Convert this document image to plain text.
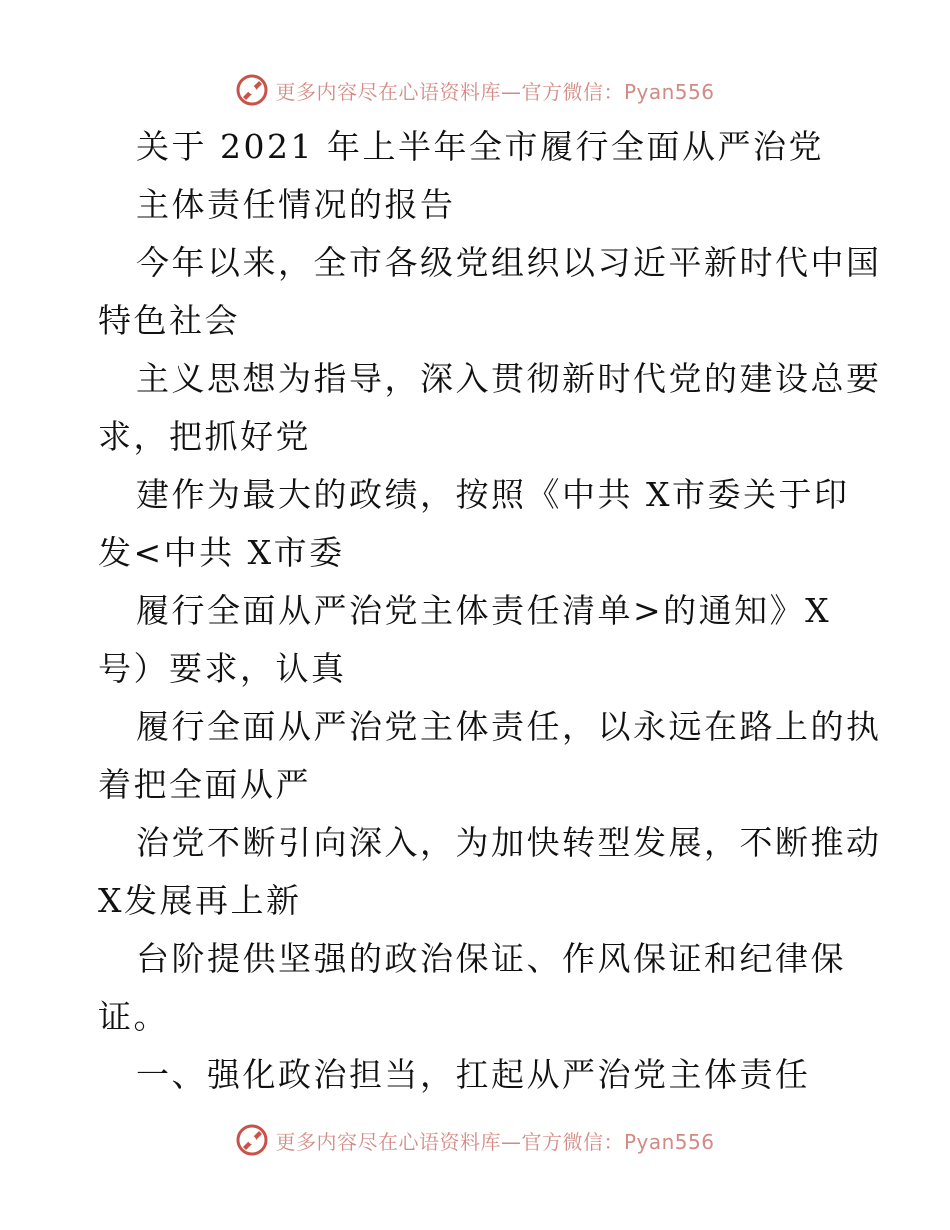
更多内容尽在心语资料库—官方微信：Pyan556
关于 2021 年上半年全市履行全面从严治党
主体责任情况的报告
今年以来，全市各级党组织以习近平新时代中国
特色社会
主义思想为指导，深入贯彻新时代党的建设总要
求，把抓好党
建作为最大的政绩，按照《中共 X市委关于印
发<中共 X市委
履行全面从严治党主体责任清单>的通知》X
号）要求，认真
履行全面从严治党主体责任，以永远在路上的执
着把全面从严
治党不断引向深入，为加快转型发展，不断推动
X发展再上新
台阶提供坚强的政治保证、作风保证和纪律保
证。
一、强化政治担当，扛起从严治党主体责任
更多内容尽在心语资料库—官方微信：Pyan556
